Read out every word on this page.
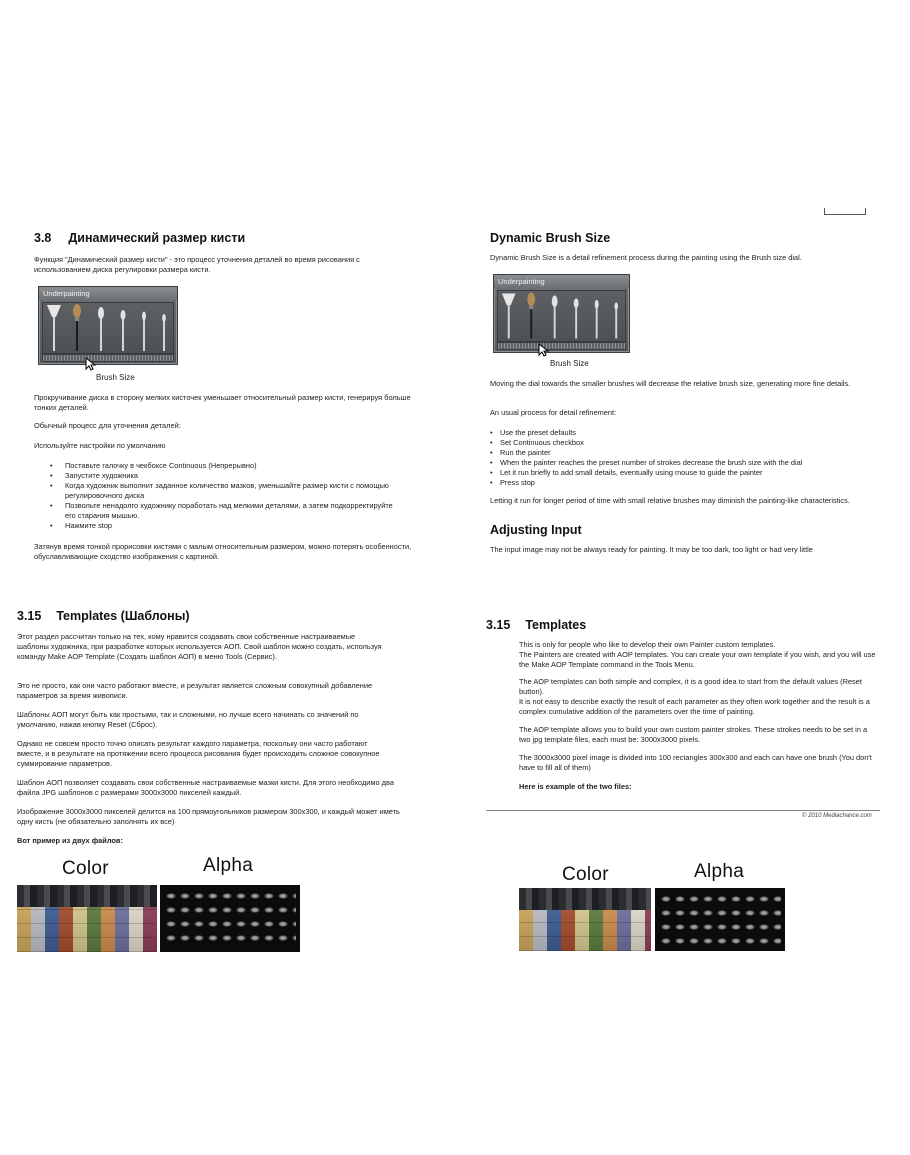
3.8 Динамический размер кисти
Функция "Динамический размер кисти" - это процесс уточнения деталей во время рисования с использованием диска регулировки размера кисти.
Underpainting
Brush Size
Прокручивание диска в сторону мелких кисточек уменьшает относительный размер кисти, генерируя больше тонких деталей.
Обычный процесс для уточнения деталей:
Используйте настройки по умолчанию
• Поставьте галочку в чекбоксе Continuous (Непрерывно)
• Запустите художника
• Когда художник выполнит заданное количество мазков, уменьшайте размер кисти с помощью регулировочного диска
• Позвольте ненадолго художнику поработать над мелкими деталями, а затем подкорректируйте его старания мышью.
• Нажмите stop
Затянув время тонкой прорисовки кистями с малым относительным размером, можно потерять особенности, обуславливающие сходство изображения с картиной.
Dynamic Brush Size
Dynamic Brush Size is a detail refinement process during the painting using the Brush size dial.
Underpainting
Brush Size
Moving the dial towards the smaller brushes will decrease the relative brush size, generating more fine details.
An usual process for detail refinement:
• Use the preset defaults
• Set Continuous checkbox
• Run the painter
• When the painter reaches the preset number of strokes decrease the brush size with the dial
• Let it run briefly to add small details, eventually using mouse to guide the painter
• Press stop
Letting it run for longer period of time with small relative brushes may diminish the painting-like characteristics.
Adjusting Input
The input image may not be always ready for painting. It may be too dark, too light or had very little
3.15 Templates (Шаблоны)
Этот раздел рассчитан только на тех, кому нравится создавать свои собственные настраиваемые шаблоны художника, при разработке которых используется АОП. Свой шаблон можно создать, используя команду Make AOP Template (Создать шаблон АОП) в меню Tools (Сервис).
Это не просто, как они часто работают вместе, и результат является сложным совокупный добавление параметров за время живописи.
Шаблоны АОП могут быть как простыми, так и сложными, но лучше всего начинать со значений по умолчанию, нажав кнопку Reset (Сброс).
Однако не совсем просто точно описать результат каждого параметра, поскольку они часто работают вместе, и в результате на протяжении всего процесса рисования будет происходить сложное совокупное суммирование параметров.
Шаблон АОП позволяет создавать свои собственные настраиваемые мазки кисти. Для этого необходимо два файла JPG шаблонов с размерами 3000x3000 пикселей каждый.
Изображение 3000x3000 пикселей делится на 100 прямоугольников размером 300x300, и каждый может иметь одну кисть (не обязательно заполнять их все)
Вот пример из двух файлов:
Color	Alpha
3.15 Templates
This is only for people who like to develop their own Painter custom templates.
The Painters are created with AOP templates. You can create your own template if you wish, and you will use the Make AOP Template command in the Tools Menu.
The AOP templates can both simple and complex, it is a good idea to start from the default values (Reset button).
It is not easy to describe exactly the result of each parameter as they often work together and the result is a complex cumulative addition of the parameters over the time of painting.
The AOP template allows you to build your own custom painter strokes. These strokes needs to be set in a two jpg template files, each must be: 3000x3000 pixels.
The 3000x3000 pixel image is divided into 100 rectangles 300x300 and each can have one brush (You don't have to fill all of them)
Here is example of the two files:
© 2010 Mediachance.com
Color	Alpha
